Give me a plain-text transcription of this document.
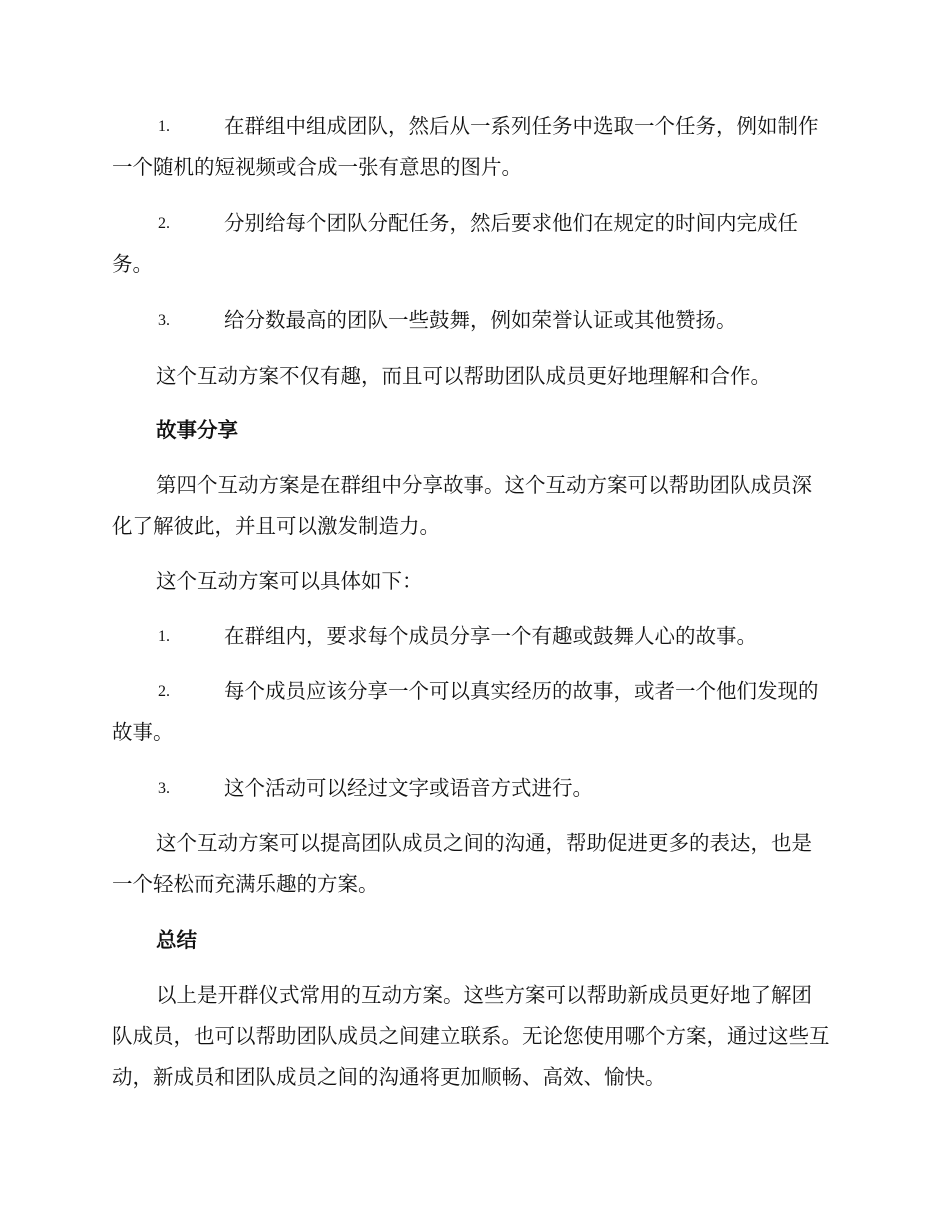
1.	在群组中组成团队，然后从一系列任务中选取一个任务，例如制作一个随机的短视频或合成一张有意思的图片。
2.	分别给每个团队分配任务，然后要求他们在规定的时间内完成任务。
3.	给分数最高的团队一些鼓舞，例如荣誉认证或其他赞扬。
这个互动方案不仅有趣，而且可以帮助团队成员更好地理解和合作。
故事分享
第四个互动方案是在群组中分享故事。这个互动方案可以帮助团队成员深化了解彼此，并且可以激发制造力。
这个互动方案可以具体如下：
1.	在群组内，要求每个成员分享一个有趣或鼓舞人心的故事。
2.	每个成员应该分享一个可以真实经历的故事，或者一个他们发现的故事。
3.	这个活动可以经过文字或语音方式进行。
这个互动方案可以提高团队成员之间的沟通，帮助促进更多的表达，也是一个轻松而充满乐趣的方案。
总结
以上是开群仪式常用的互动方案。这些方案可以帮助新成员更好地了解团队成员，也可以帮助团队成员之间建立联系。无论您使用哪个方案，通过这些互动，新成员和团队成员之间的沟通将更加顺畅、高效、愉快。
